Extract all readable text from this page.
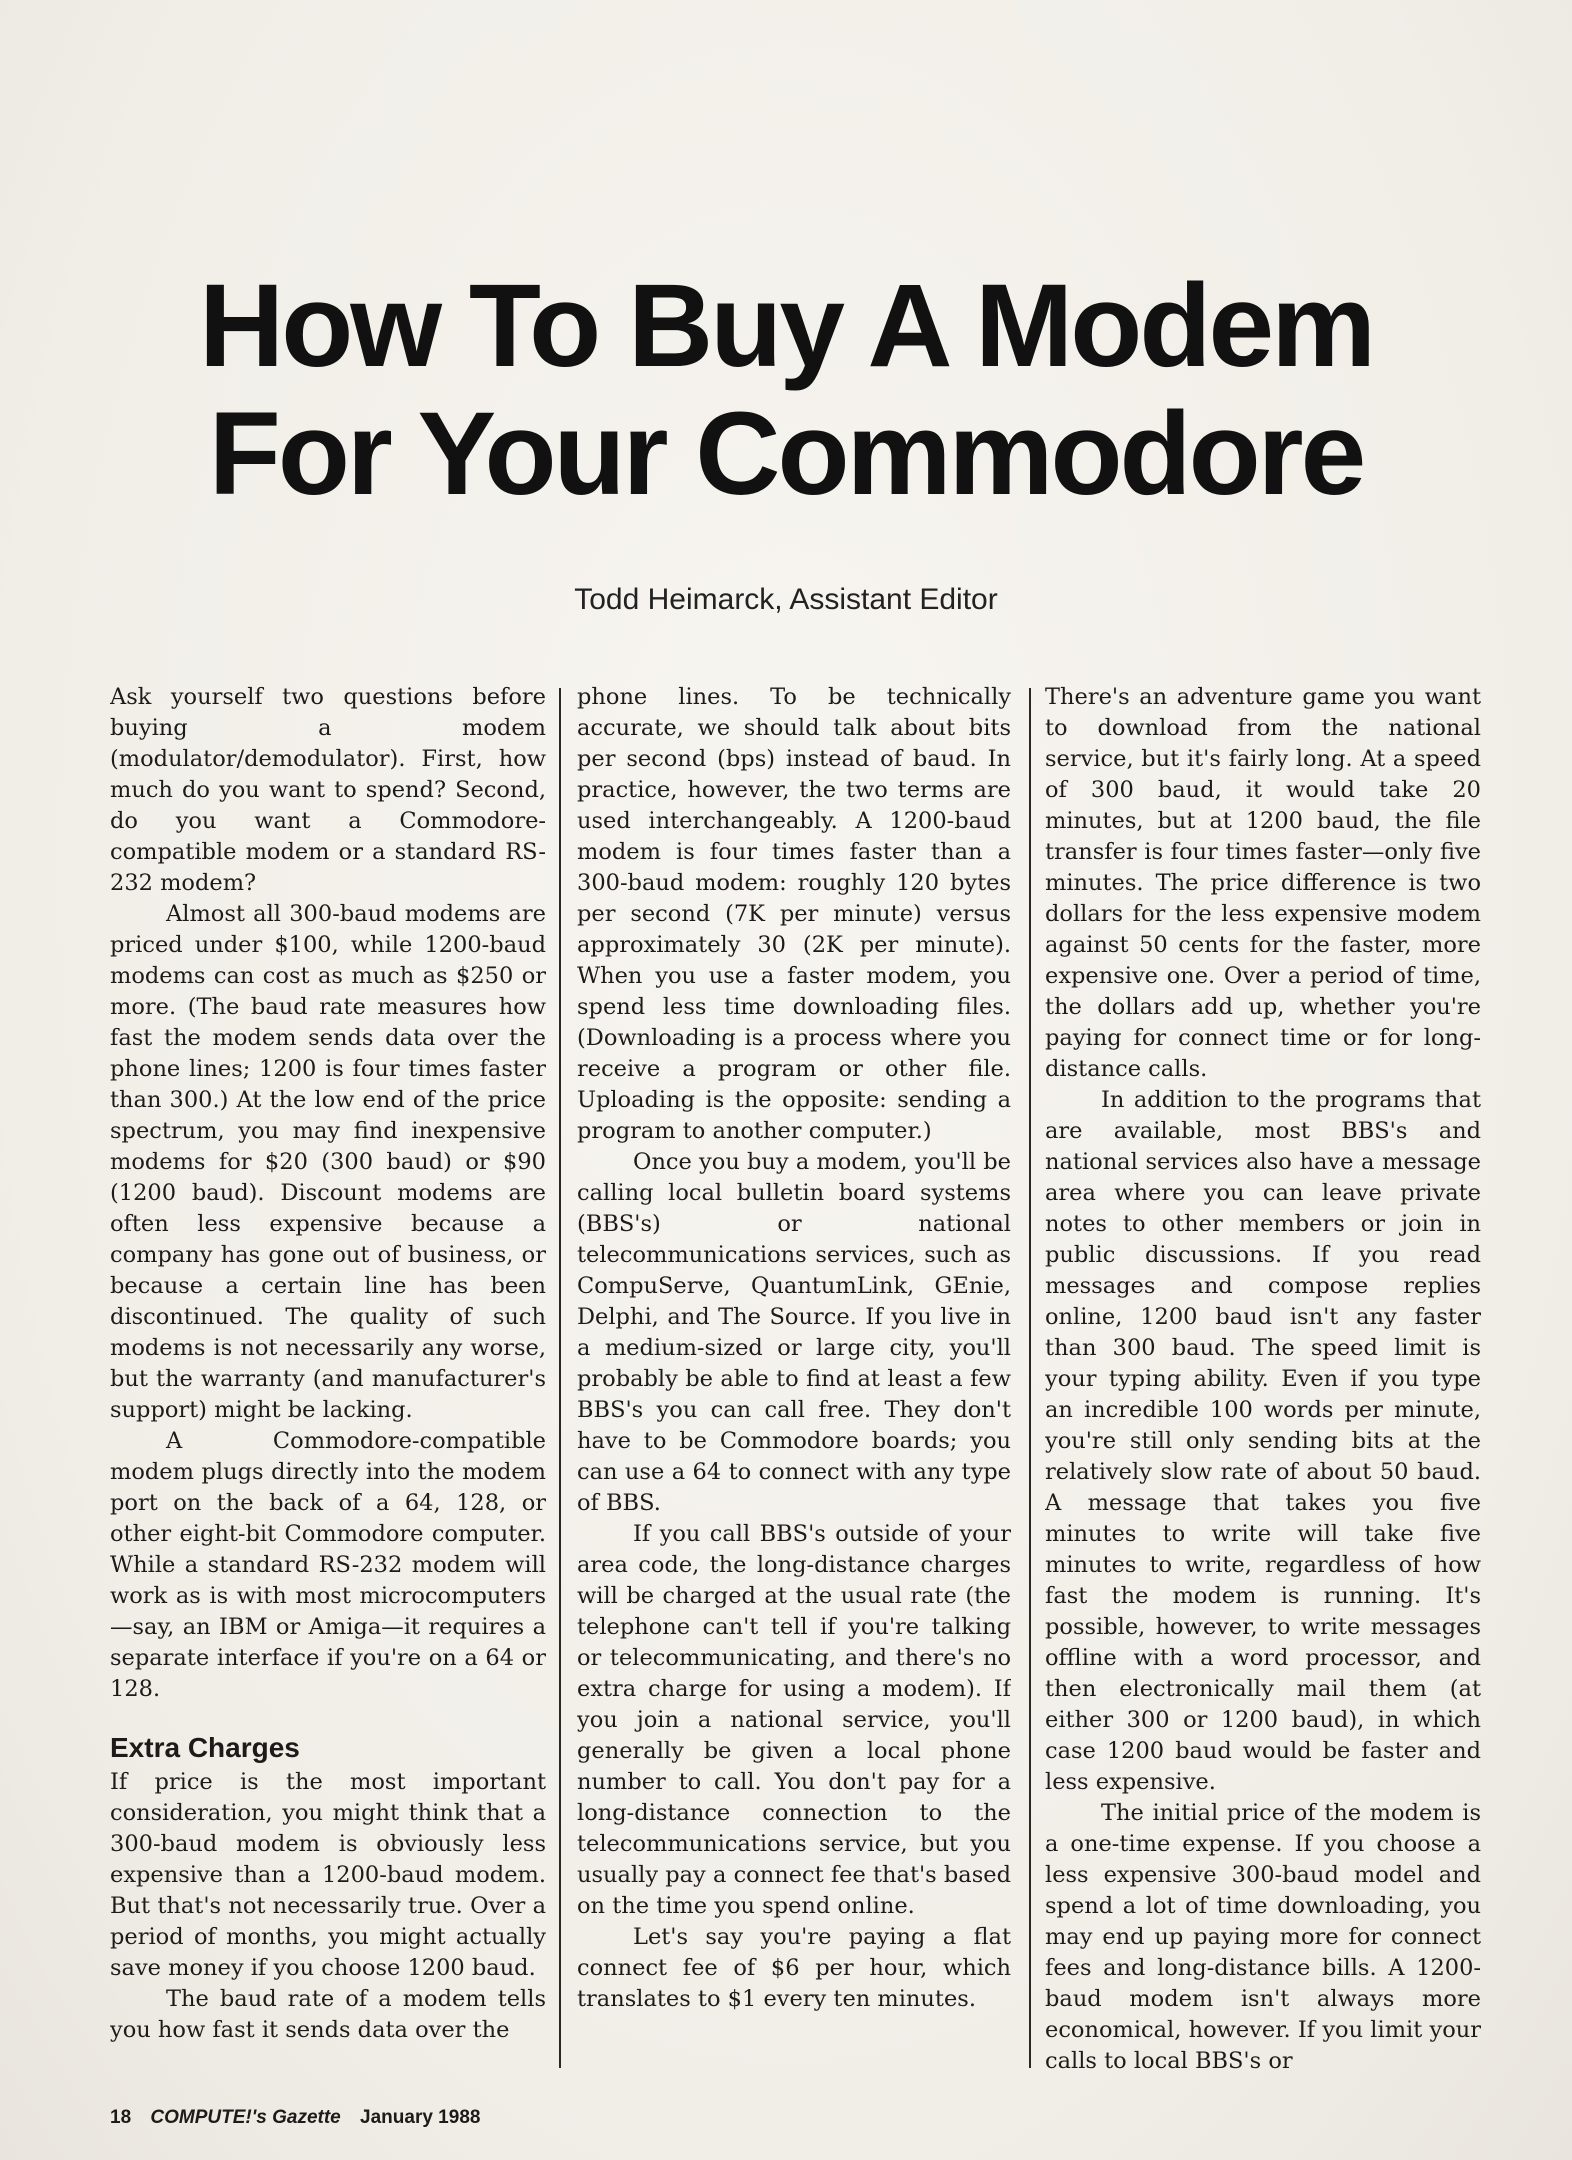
How To Buy A Modem
For Your Commodore
Todd Heimarck, Assistant Editor

Ask yourself two questions before buying a modem (modulator/demodulator). First, how much do you want to spend? Second, do you want a Commodore-compatible modem or a standard RS-232 modem?

Almost all 300-baud modems are priced under $100, while 1200-baud modems can cost as much as $250 or more. (The baud rate measures how fast the modem sends data over the phone lines; 1200 is four times faster than 300.) At the low end of the price spectrum, you may find inexpensive modems for $20 (300 baud) or $90 (1200 baud). Discount modems are often less expensive because a company has gone out of business, or because a certain line has been discontinued. The quality of such modems is not necessarily any worse, but the warranty (and manufacturer's support) might be lacking.

A Commodore-compatible modem plugs directly into the modem port on the back of a 64, 128, or other eight-bit Commodore computer. While a standard RS-232 modem will work as is with most microcomputers—say, an IBM or Amiga—it requires a separate interface if you're on a 64 or 128.

Extra Charges

If price is the most important consideration, you might think that a 300-baud modem is obviously less expensive than a 1200-baud modem. But that's not necessarily true. Over a period of months, you might actually save money if you choose 1200 baud.

The baud rate of a modem tells you how fast it sends data over the

phone lines. To be technically accurate, we should talk about bits per second (bps) instead of baud. In practice, however, the two terms are used interchangeably. A 1200-baud modem is four times faster than a 300-baud modem: roughly 120 bytes per second (7K per minute) versus approximately 30 (2K per minute). When you use a faster modem, you spend less time downloading files. (Downloading is a process where you receive a program or other file. Uploading is the opposite: sending a program to another computer.)

Once you buy a modem, you'll be calling local bulletin board systems (BBS's) or national telecommunications services, such as CompuServe, QuantumLink, GEnie, Delphi, and The Source. If you live in a medium-sized or large city, you'll probably be able to find at least a few BBS's you can call free. They don't have to be Commodore boards; you can use a 64 to connect with any type of BBS.

If you call BBS's outside of your area code, the long-distance charges will be charged at the usual rate (the telephone can't tell if you're talking or telecommunicating, and there's no extra charge for using a modem). If you join a national service, you'll generally be given a local phone number to call. You don't pay for a long-distance connection to the telecommunications service, but you usually pay a connect fee that's based on the time you spend online.

Let's say you're paying a flat connect fee of $6 per hour, which translates to $1 every ten minutes.

There's an adventure game you want to download from the national service, but it's fairly long. At a speed of 300 baud, it would take 20 minutes, but at 1200 baud, the file transfer is four times faster—only five minutes. The price difference is two dollars for the less expensive modem against 50 cents for the faster, more expensive one. Over a period of time, the dollars add up, whether you're paying for connect time or for long-distance calls.

In addition to the programs that are available, most BBS's and national services also have a message area where you can leave private notes to other members or join in public discussions. If you read messages and compose replies online, 1200 baud isn't any faster than 300 baud. The speed limit is your typing ability. Even if you type an incredible 100 words per minute, you're still only sending bits at the relatively slow rate of about 50 baud. A message that takes you five minutes to write will take five minutes to write, regardless of how fast the modem is running. It's possible, however, to write messages offline with a word processor, and then electronically mail them (at either 300 or 1200 baud), in which case 1200 baud would be faster and less expensive.

The initial price of the modem is a one-time expense. If you choose a less expensive 300-baud model and spend a lot of time downloading, you may end up paying more for connect fees and long-distance bills. A 1200-baud modem isn't always more economical, however. If you limit your calls to local BBS's or

18 COMPUTE!'s Gazette January 1988
